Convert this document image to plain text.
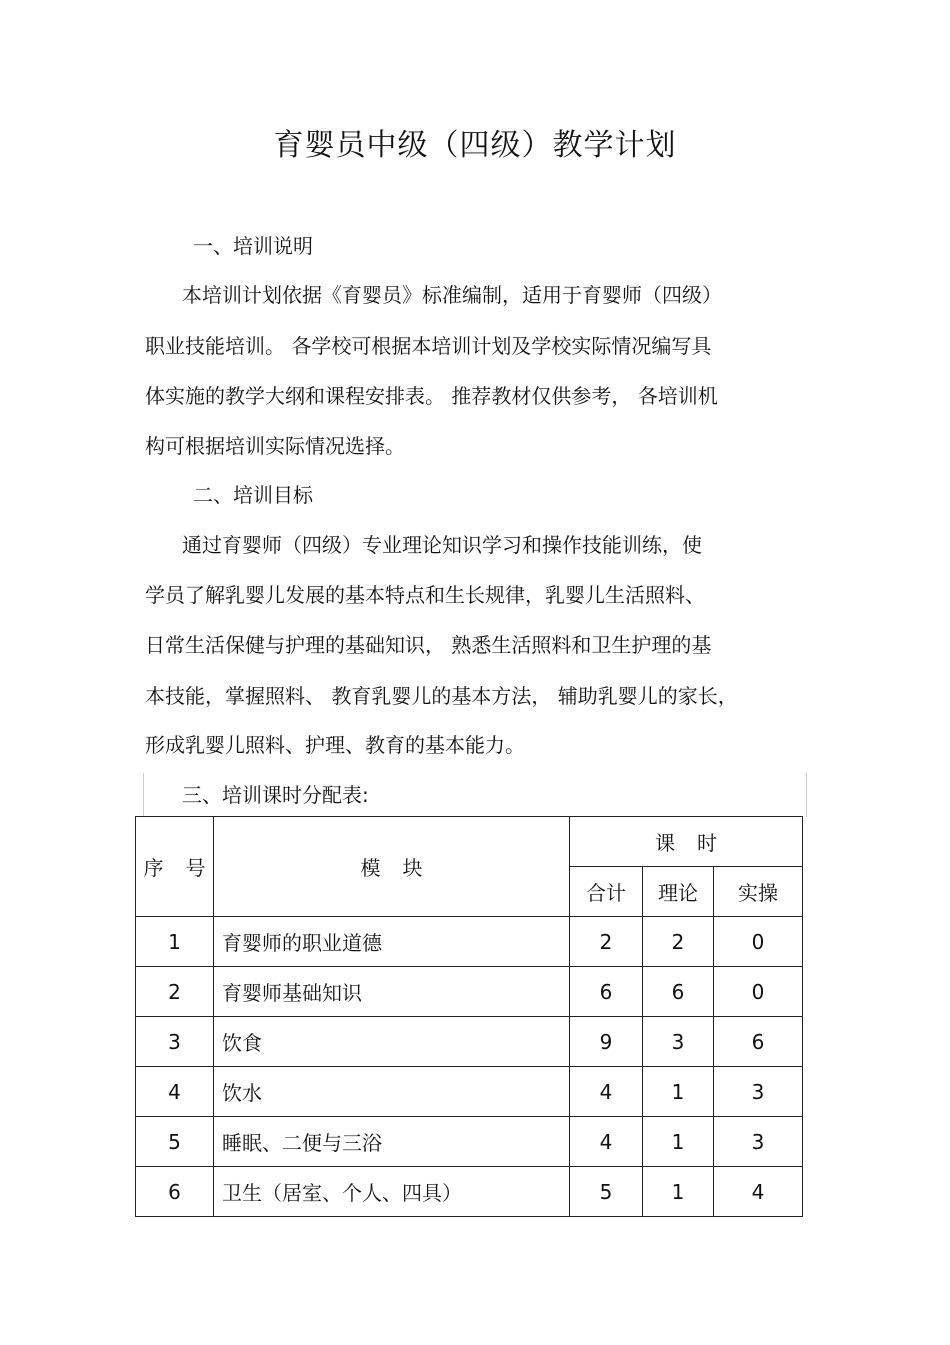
育婴员中级（四级）教学计划
一、培训说明
本培训计划依据《育婴员》标准编制，适用于育婴师（四级）
职业技能培训。 各学校可根据本培训计划及学校实际情况编写具
体实施的教学大纲和课程安排表。 推荐教材仅供参考， 各培训机
构可根据培训实际情况选择。
二、培训目标
通过育婴师（四级）专业理论知识学习和操作技能训练，使
学员了解乳婴儿发展的基本特点和生长规律，乳婴儿生活照料、
日常生活保健与护理的基础知识， 熟悉生活照料和卫生护理的基
本技能，掌握照料、 教育乳婴儿的基本方法， 辅助乳婴儿的家长，
形成乳婴儿照料、护理、教育的基本能力。
三、培训课时分配表:
序 号	模 块	课 时		
		合计	理论	实操
1	育婴师的职业道德	2	2	0
2	育婴师基础知识	6	6	0
3	饮食	9	3	6
4	饮水	4	1	3
5	睡眠、二便与三浴	4	1	3
6	卫生（居室、个人、四具）	5	1	4
